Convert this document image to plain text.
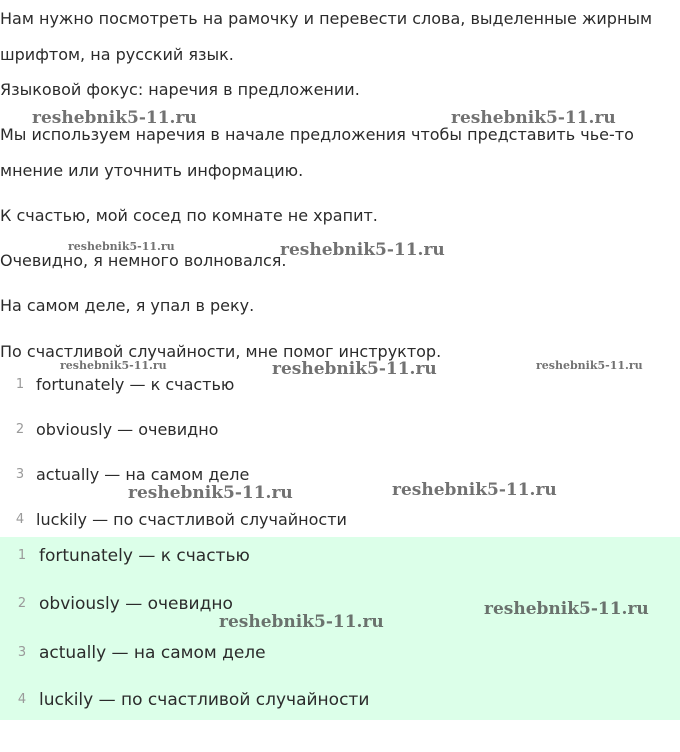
Нам нужно посмотреть на рамочку и перевести слова, выделенные жирным

шрифтом, на русский язык.

Языковой фокус: наречия в предложении.

Мы используем наречия в начале предложения чтобы представить чье-то

мнение или уточнить информацию.

К счастью, мой сосед по комнате не храпит.

Очевидно, я немного волновался.

На самом деле, я упал в реку.

По счастливой случайности, мне помог инструктор.

1 fortunately — к счастью
2 obviously — очевидно
3 actually — на самом деле
4 luckily — по счастливой случайности
1 fortunately — к счастью
2 obviously — очевидно
3 actually — на самом деле
4 luckily — по счастливой случайности
reshebnik5-11.ru	reshebnik5-11.ru
reshebnik5-11.ru	reshebnik5-11.ru
reshebnik5-11.ru	reshebnik5-11.ru	reshebnik5-11.ru
reshebnik5-11.ru	reshebnik5-11.ru
reshebnik5-11.ru
reshebnik5-11.ru
